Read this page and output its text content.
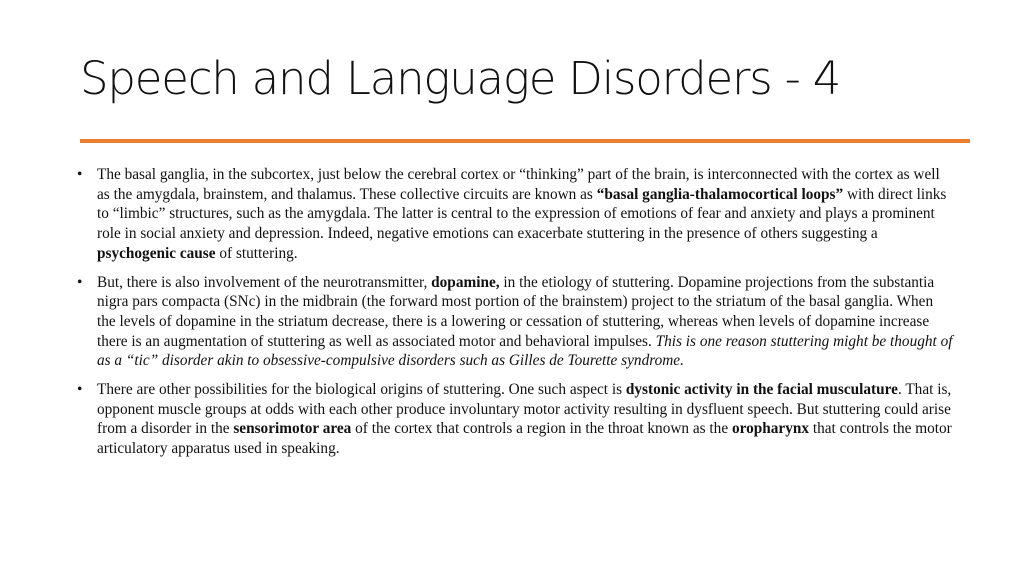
Speech and Language Disorders - 4
• The basal ganglia, in the subcortex, just below the cerebral cortex or “thinking” part of the brain, is interconnected with the cortex as well as the amygdala, brainstem, and thalamus. These collective circuits are known as “basal ganglia-thalamocortical loops” with direct links to “limbic” structures, such as the amygdala. The latter is central to the expression of emotions of fear and anxiety and plays a prominent role in social anxiety and depression. Indeed, negative emotions can exacerbate stuttering in the presence of others suggesting a psychogenic cause of stuttering.
• But, there is also involvement of the neurotransmitter, dopamine, in the etiology of stuttering. Dopamine projections from the substantia nigra pars compacta (SNc) in the midbrain (the forward most portion of the brainstem) project to the striatum of the basal ganglia. When the levels of dopamine in the striatum decrease, there is a lowering or cessation of stuttering, whereas when levels of dopamine increase there is an augmentation of stuttering as well as associated motor and behavioral impulses. This is one reason stuttering might be thought of as a “tic” disorder akin to obsessive-compulsive disorders such as Gilles de Tourette syndrome.
• There are other possibilities for the biological origins of stuttering. One such aspect is dystonic activity in the facial musculature. That is, opponent muscle groups at odds with each other produce involuntary motor activity resulting in dysfluent speech. But stuttering could arise from a disorder in the sensorimotor area of the cortex that controls a region in the throat known as the oropharynx that controls the motor articulatory apparatus used in speaking.
